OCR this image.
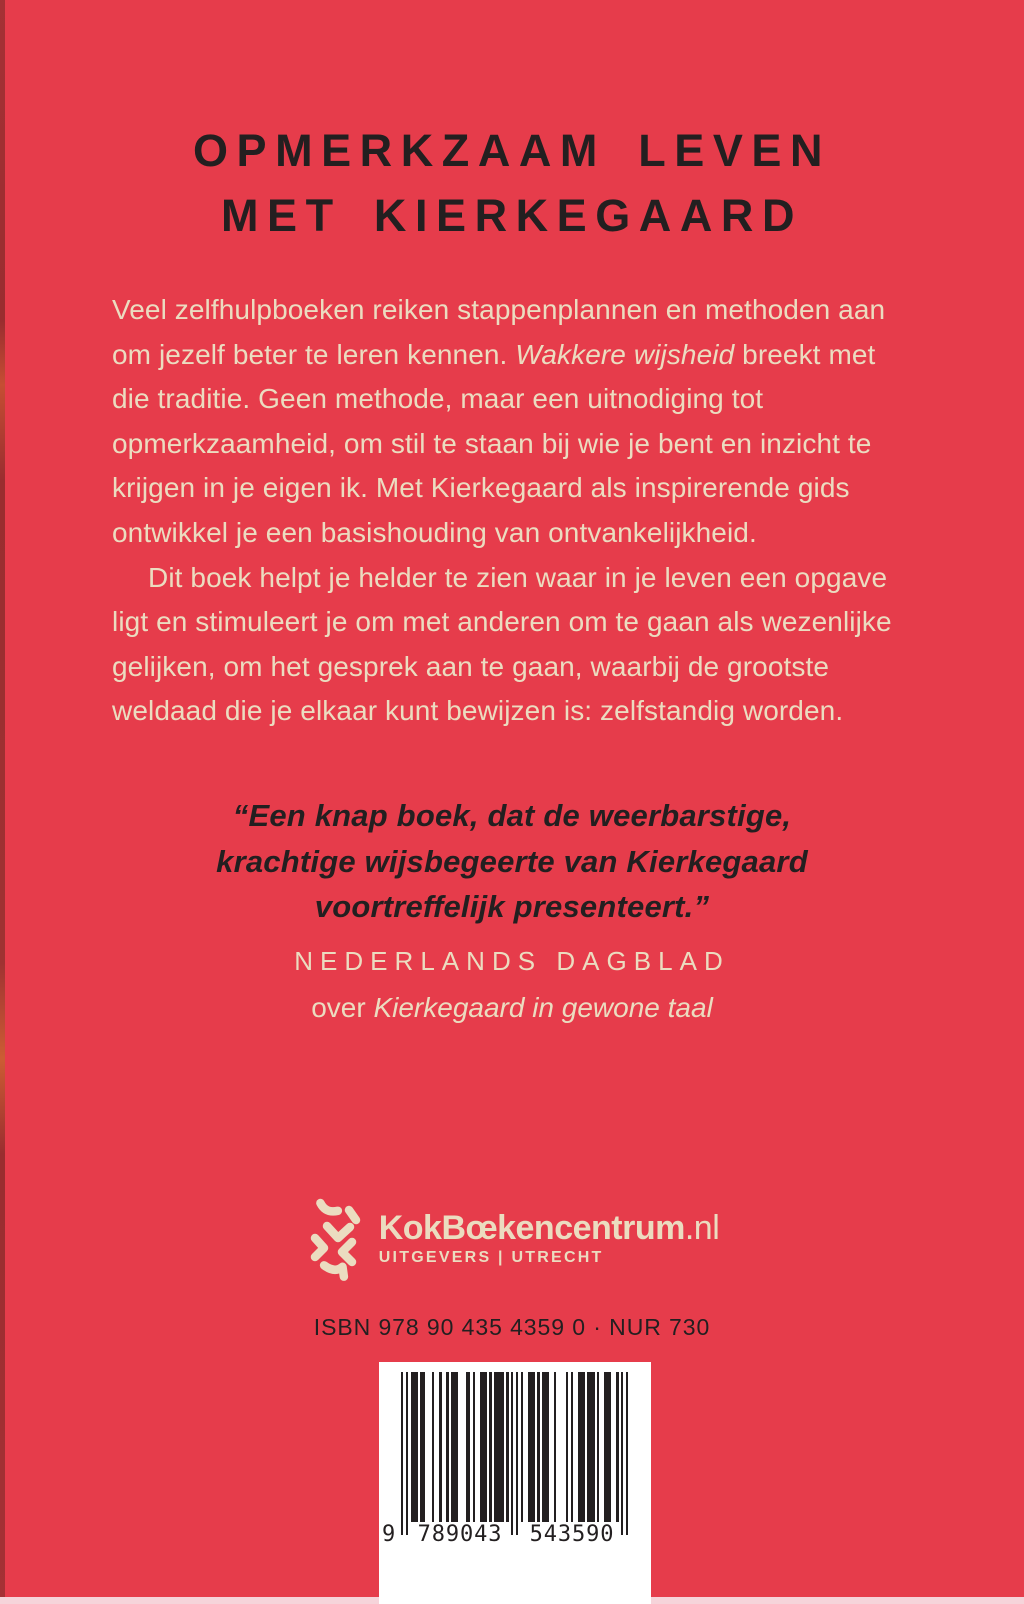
OPMERKZAAM LEVEN
MET KIERKEGAARD

Veel zelfhulpboeken reiken stappenplannen en methoden aan om jezelf beter te leren kennen. Wakkere wijsheid breekt met die traditie. Geen methode, maar een uitnodiging tot opmerkzaamheid, om stil te staan bij wie je bent en inzicht te krijgen in je eigen ik. Met Kierkegaard als inspirerende gids ontwikkel je een basishouding van ontvankelijkheid.

Dit boek helpt je helder te zien waar in je leven een opgave ligt en stimuleert je om met anderen om te gaan als wezenlijke gelijken, om het gesprek aan te gaan, waarbij de grootste weldaad die je elkaar kunt bewijzen is: zelfstandig worden.

“Een knap boek, dat de weerbarstige,
krachtige wijsbegeerte van Kierkegaard
voortreffelijk presenteert.”
NEDERLANDS DAGBLAD
over Kierkegaard in gewone taal
KokBœkencentrum.nl
UITGEVERS | UTRECHT
ISBN 978 90 435 4359 0 · NUR 730
9	789043	543590
